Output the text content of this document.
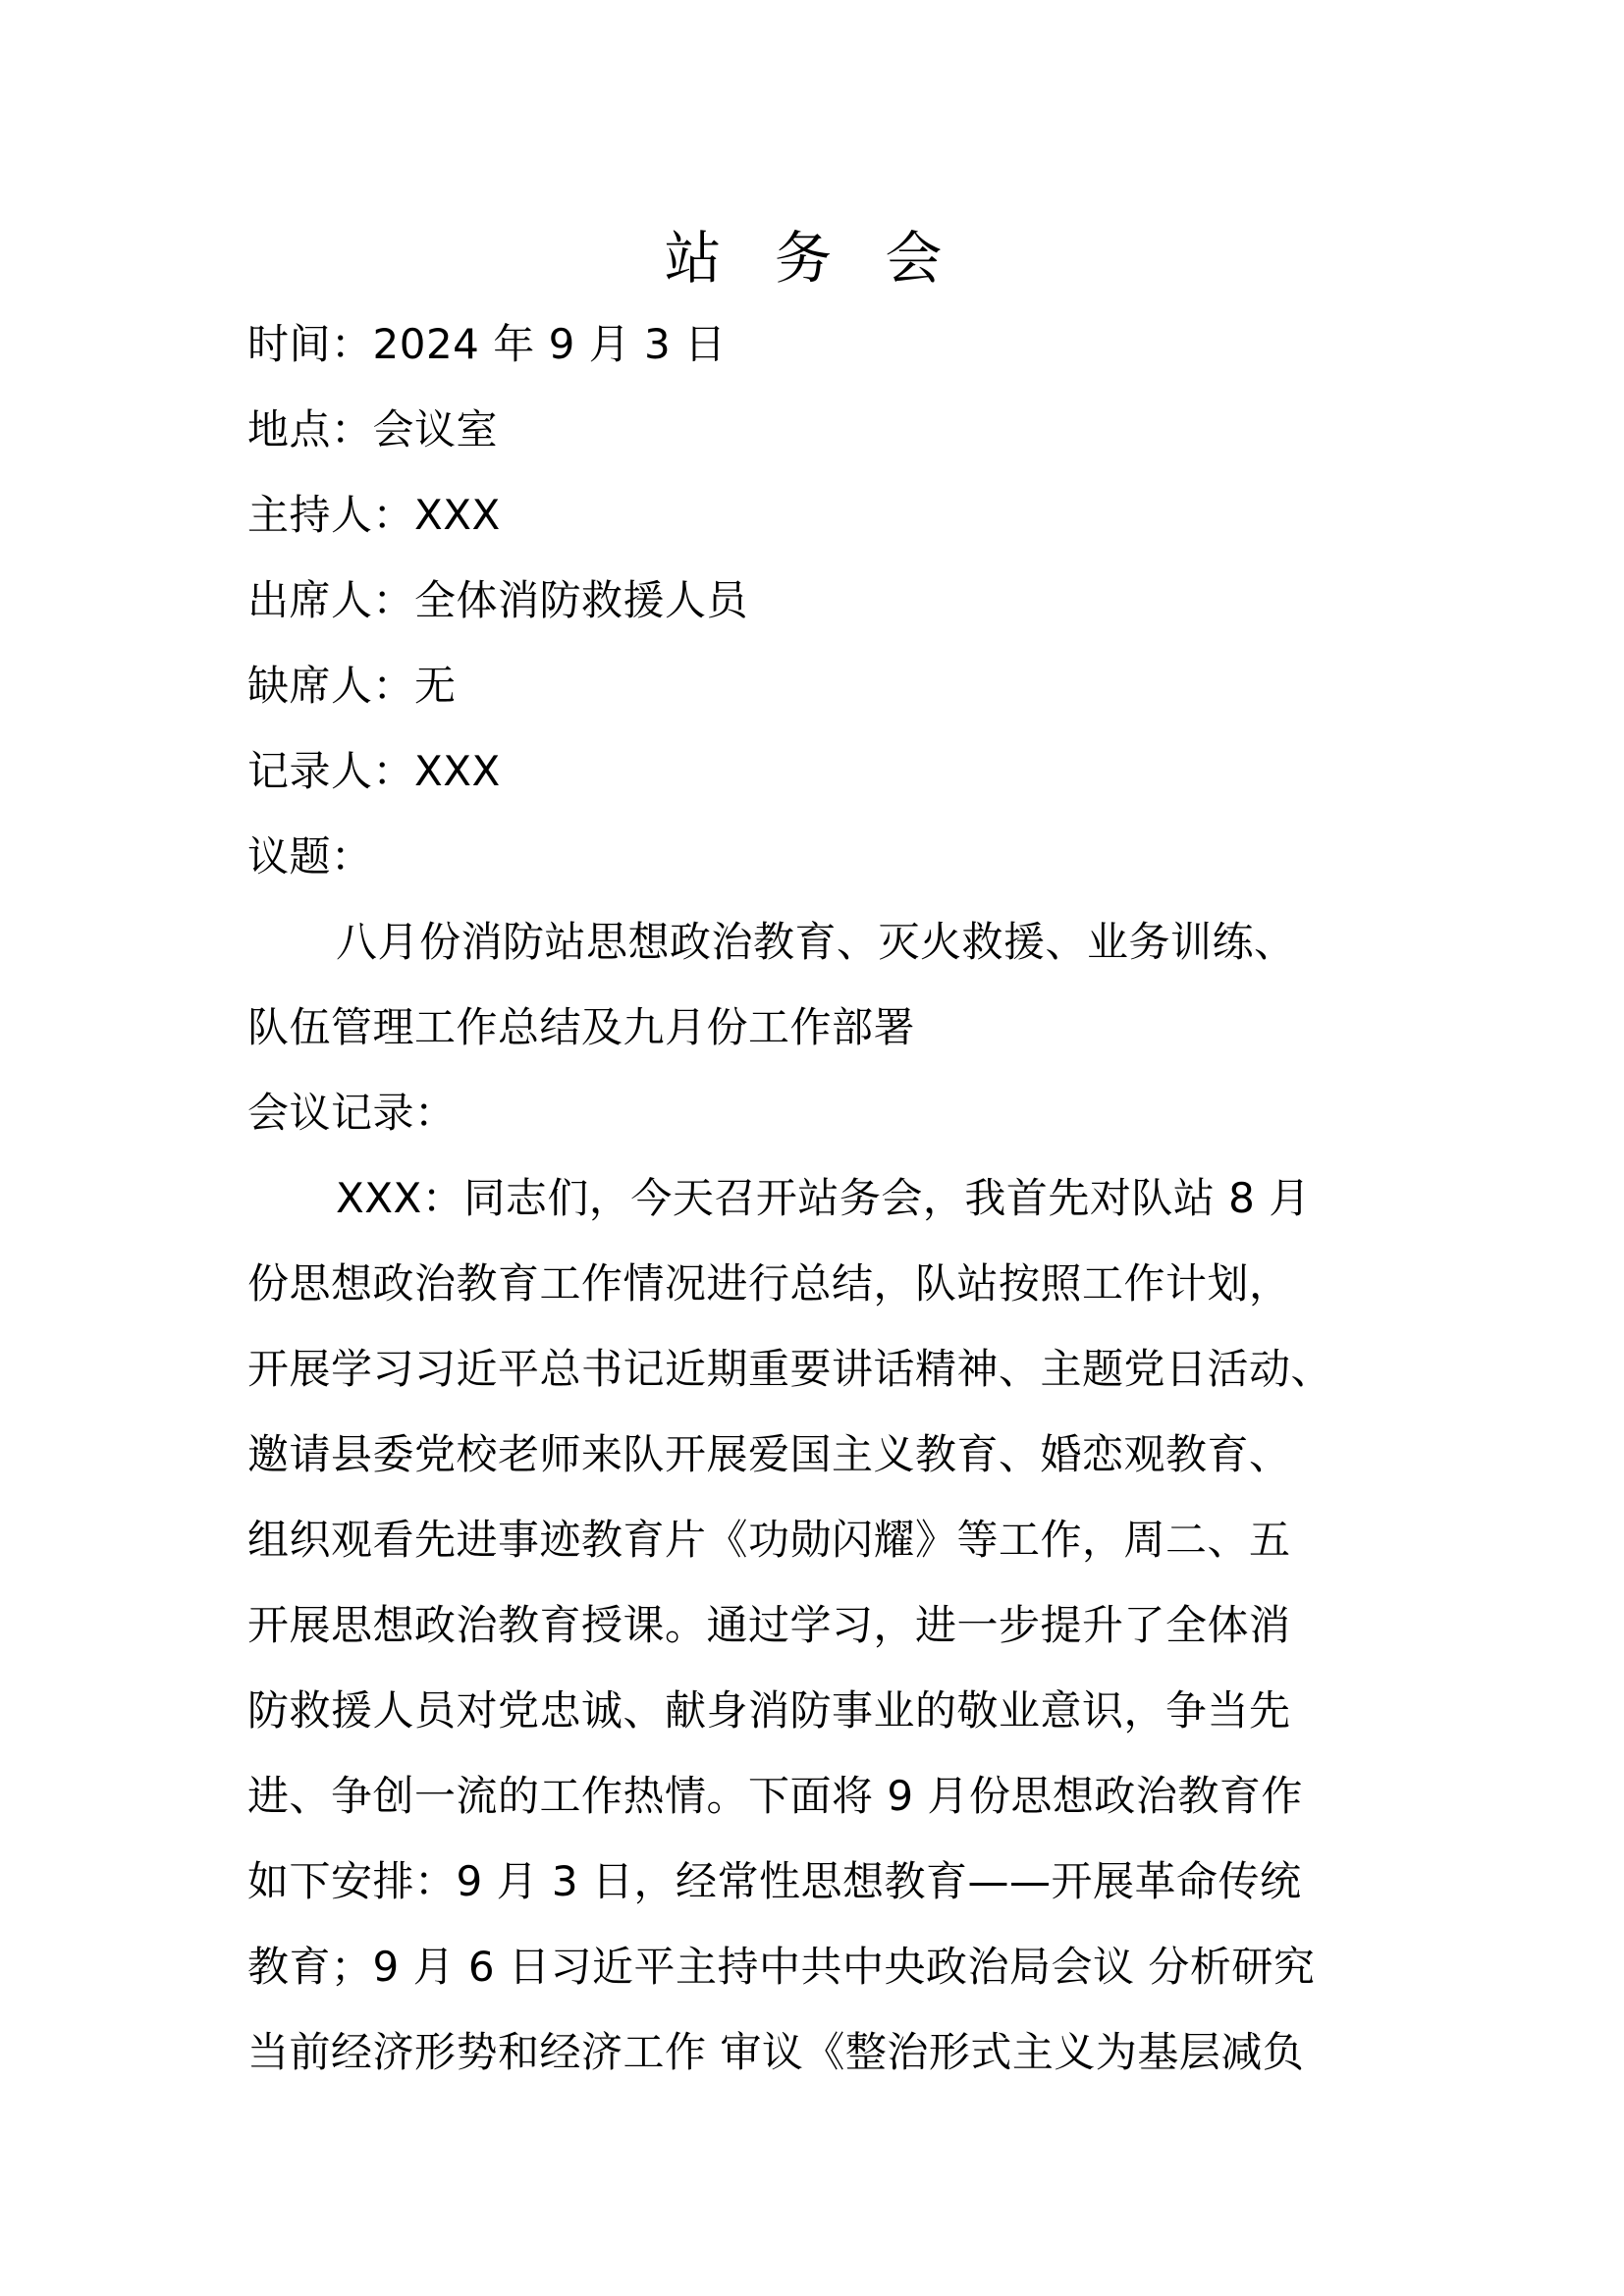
站 务 会
时间：2024 年 9 月 3 日
地点：会议室
主持人：XXX
出席人：全体消防救援人员
缺席人：无
记录人：XXX
议题：
八月份消防站思想政治教育、灭火救援、业务训练、
队伍管理工作总结及九月份工作部署
会议记录：
XXX：同志们，今天召开站务会，我首先对队站 8 月
份思想政治教育工作情况进行总结，队站按照工作计划，
开展学习习近平总书记近期重要讲话精神、主题党日活动、
邀请县委党校老师来队开展爱国主义教育、婚恋观教育、
组织观看先进事迹教育片《功勋闪耀》等工作，周二、五
开展思想政治教育授课。通过学习，进一步提升了全体消
防救援人员对党忠诚、献身消防事业的敬业意识，争当先
进、争创一流的工作热情。下面将 9 月份思想政治教育作
如下安排：9 月 3 日，经常性思想教育——开展革命传统
教育；9 月 6 日习近平主持中共中央政治局会议 分析研究
当前经济形势和经济工作 审议《整治形式主义为基层减负
